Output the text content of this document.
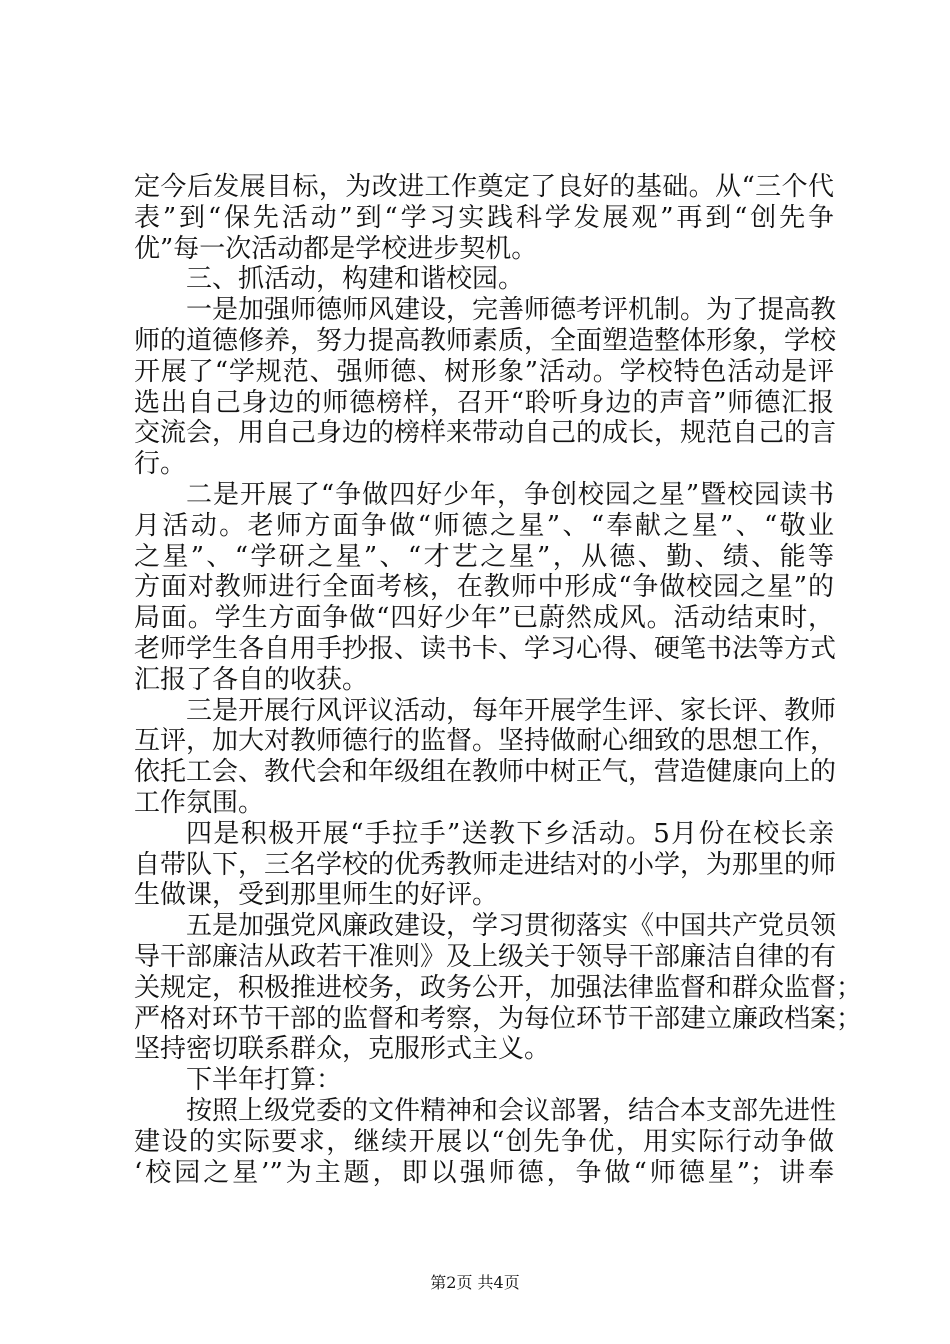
定今后发展目标，为改进工作奠定了良好的基础。从“三个代
表”到“保先活动”到“学习实践科学发展观”再到“创先争
优”每一次活动都是学校进步契机。
三、抓活动，构建和谐校园。
一是加强师德师风建设，完善师德考评机制。为了提高教
师的道德修养，努力提高教师素质，全面塑造整体形象，学校
开展了“学规范、强师德、树形象”活动。学校特色活动是评
选出自己身边的师德榜样，召开“聆听身边的声音”师德汇报
交流会，用自己身边的榜样来带动自己的成长，规范自己的言
行。
二是开展了“争做四好少年，争创校园之星”暨校园读书
月活动。老师方面争做“师德之星”、“奉献之星”、“敬业
之星”、“学研之星”、“才艺之星”，从德、勤、绩、能等
方面对教师进行全面考核，在教师中形成“争做校园之星”的
局面。学生方面争做“四好少年”已蔚然成风。活动结束时，
老师学生各自用手抄报、读书卡、学习心得、硬笔书法等方式
汇报了各自的收获。
三是开展行风评议活动，每年开展学生评、家长评、教师
互评，加大对教师德行的监督。坚持做耐心细致的思想工作，
依托工会、教代会和年级组在教师中树正气，营造健康向上的
工作氛围。
四是积极开展“手拉手”送教下乡活动。5月份在校长亲
自带队下，三名学校的优秀教师走进结对的小学，为那里的师
生做课，受到那里师生的好评。
五是加强党风廉政建设，学习贯彻落实《中国共产党员领
导干部廉洁从政若干准则》及上级关于领导干部廉洁自律的有
关规定，积极推进校务，政务公开，加强法律监督和群众监督；
严格对环节干部的监督和考察，为每位环节干部建立廉政档案；
坚持密切联系群众，克服形式主义。
下半年打算：
按照上级党委的文件精神和会议部署，结合本支部先进性
建设的实际要求，继续开展以“创先争优，用实际行动争做
‘校园之星’”为主题，即以强师德，争做“师德星”；讲奉
第2页 共4页
